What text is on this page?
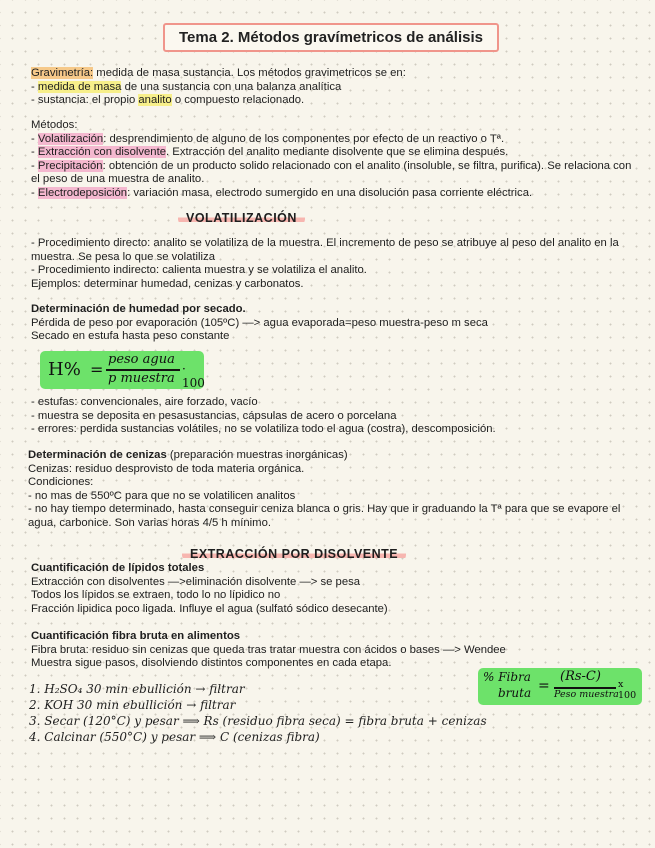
Tema 2. Métodos gravímetricos de análisis
Gravimetría: medida de masa sustancia. Los métodos gravimetricos se en:
- medida de masa de una sustancia con una balanza analítica
- sustancia: el propio analito o compuesto relacionado.
Métodos:
- Volatilización: desprendimiento de alguno de los componentes por efecto de un reactivo o Tª.
- Extracción con disolvente. Extracción del analito mediante disolvente que se elimina después.
- Precipitación: obtención de un producto solido relacionado con el analito (insoluble, se filtra, purifica). Se relaciona con el peso de una muestra de analito.
- Electrodeposición: variación masa, electrodo sumergido en una disolución pasa corriente eléctrica.
VOLATILIZACIÓN
- Procedimiento directo: analito se volatiliza de la muestra. El incremento de peso se atribuye al peso del analito en la muestra. Se pesa lo que se volatiliza
- Procedimiento indirecto: calienta muestra y se volatiliza el analito.
Ejemplos: determinar humedad, cenizas y carbonatos.
Determinación de humedad por secado.
Pérdida de peso por evaporación (105ºC) —> agua evaporada=peso muestra-peso m seca
Secado en estufa hasta peso constante
H% =
peso agua
p muestra
· 100
- estufas: convencionales, aire forzado, vacío
- muestra se deposita en pesasustancias, cápsulas de acero o porcelana
- errores: perdida sustancias volátiles, no se volatiliza todo el agua (costra), descomposición.
Determinación de cenizas (preparación muestras inorgánicas)
Cenizas: residuo desprovisto de toda materia orgánica.
Condiciones:
- no mas de 550ºC para que no se volatilicen analitos
- no hay tiempo determinado, hasta conseguir ceniza blanca o gris. Hay que ir graduando la Tª para que se evapore el agua, carbonice. Son varias horas 4/5 h mínimo.
EXTRACCIÓN POR DISOLVENTE
Cuantificación de lípidos totales
Extracción con disolventes —>eliminación disolvente —> se pesa
Todos los lípidos se extraen, todo lo no lípidico no
Fracción lipidica poco ligada. Influye el agua (sulfató sódico desecante)
Cuantificación fibra bruta en alimentos
Fibra bruta: residuo sin cenizas que queda tras tratar muestra con ácidos o bases —> Wendee
Muestra sigue pasos, disolviendo distintos componentes en cada etapa.
% Fibra
bruta =
(Rs-C)
Peso muestra
x 100
1. H₂SO₄ 30 min ebullición → filtrar
2. KOH 30 min ebullición → filtrar
3. Secar (120°C) y pesar ⟹ Rs (residuo fibra seca) = fibra bruta + cenizas
4. Calcinar (550°C) y pesar ⟹ C (cenizas fibra)
